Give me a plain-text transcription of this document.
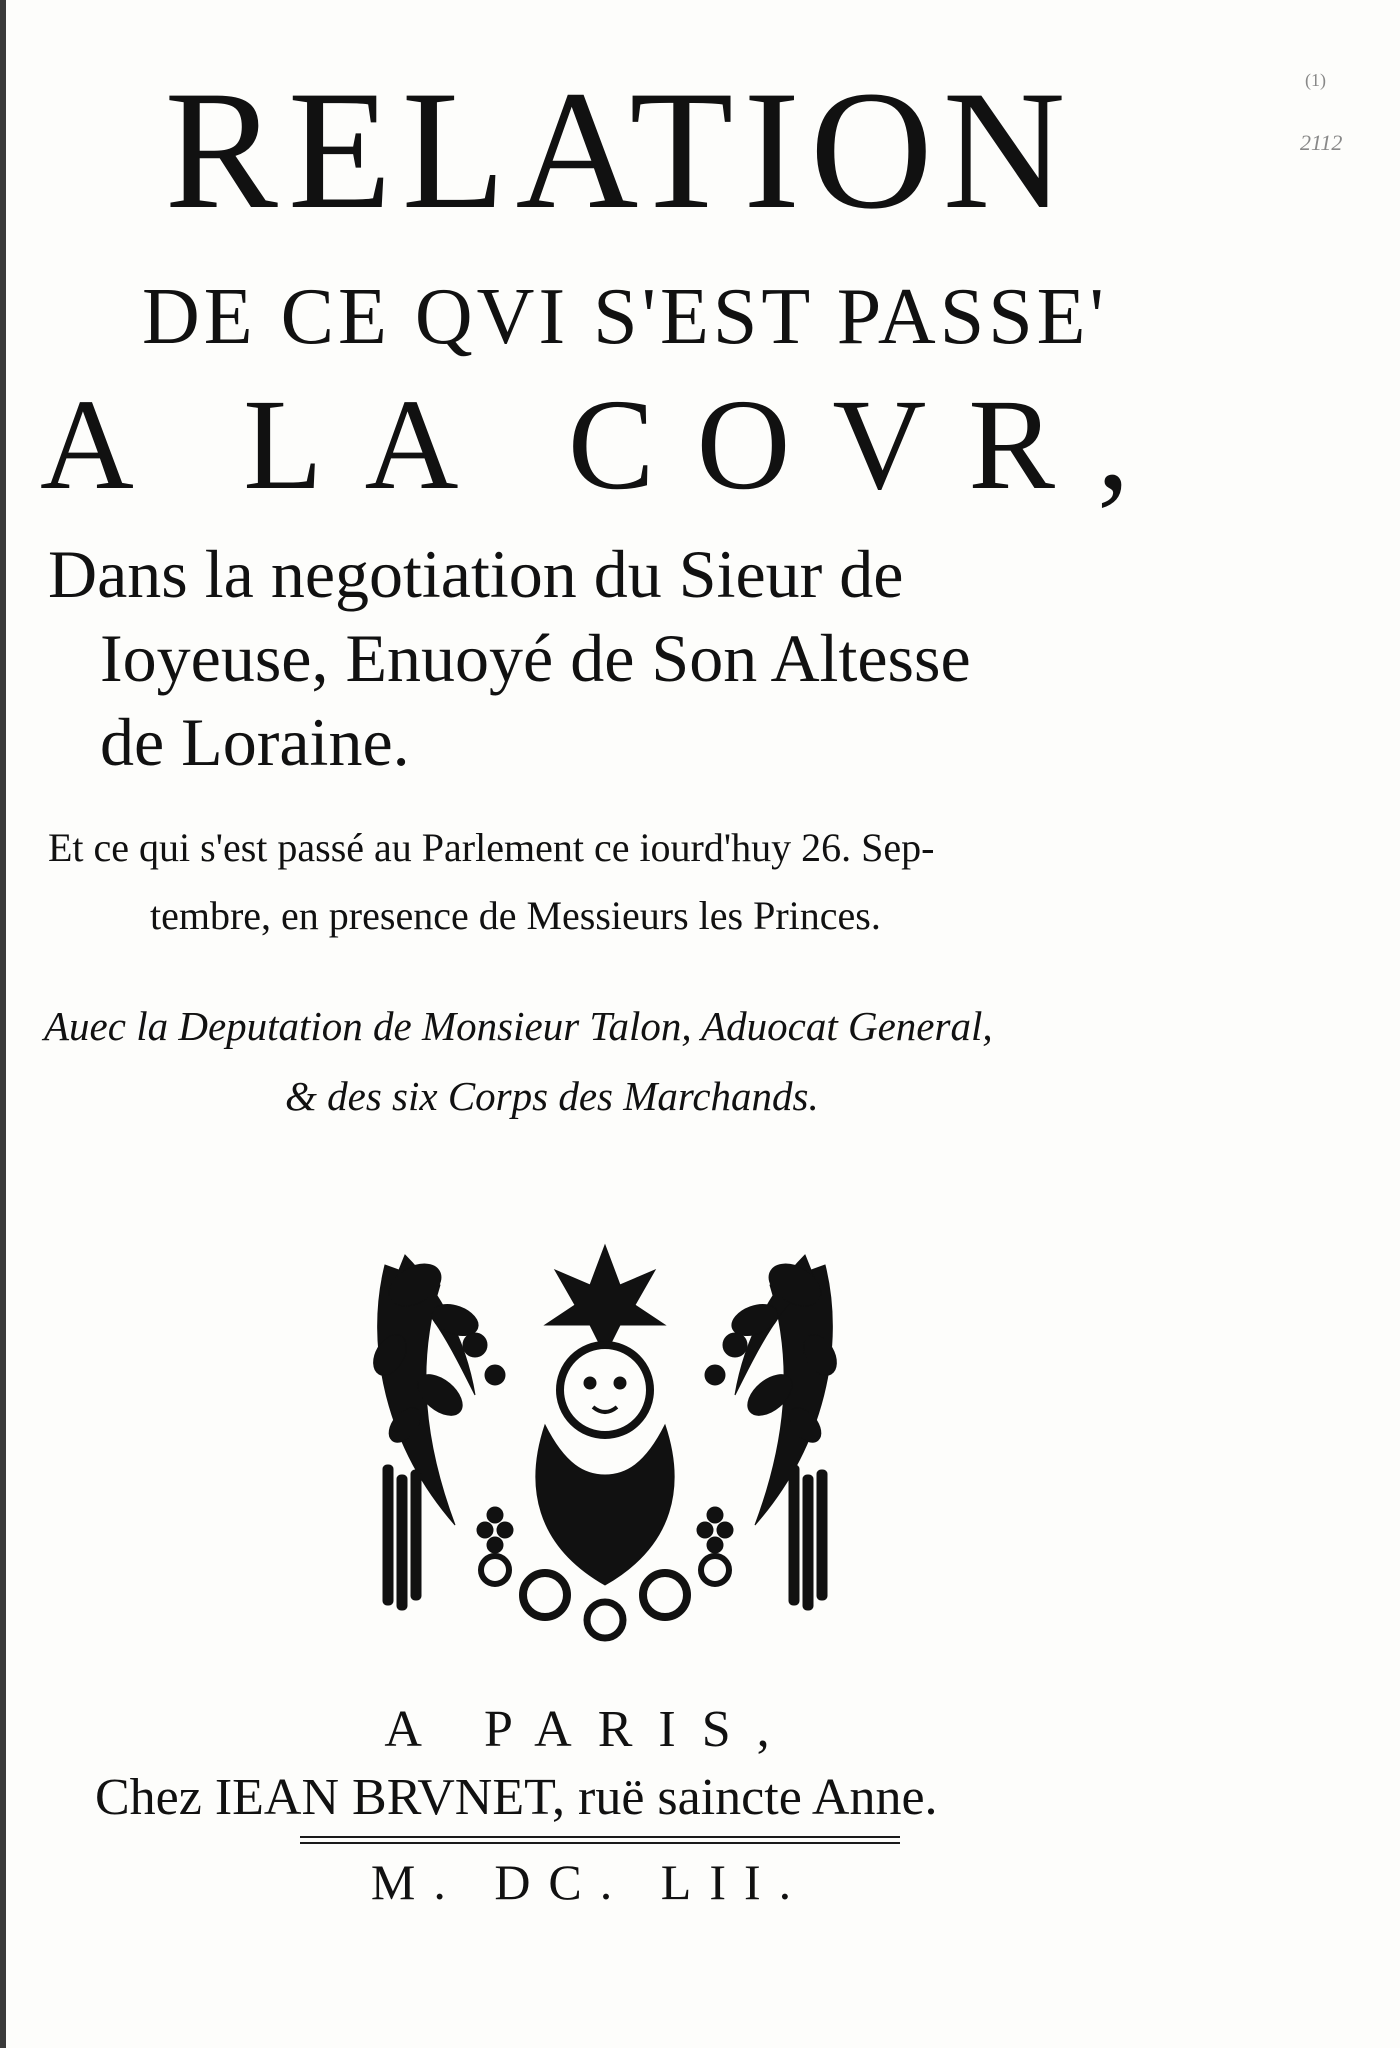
(1)
2112
RELATION
DE CE QVI S'EST PASSE'
A LA COVR,
Dans la negotiation du Sieur de
Ioyeuse, Enuoyé de Son Altesse
de Loraine.
Et ce qui s'est passé au Parlement ce iourd'huy 26. Sep-
tembre, en presence de Messieurs les Princes.
Auec la Deputation de Monsieur Talon, Aduocat General,
& des six Corps des Marchands.
A PARIS,
Chez IEAN BRVNET, ruë saincte Anne.
M. DC. LII.
